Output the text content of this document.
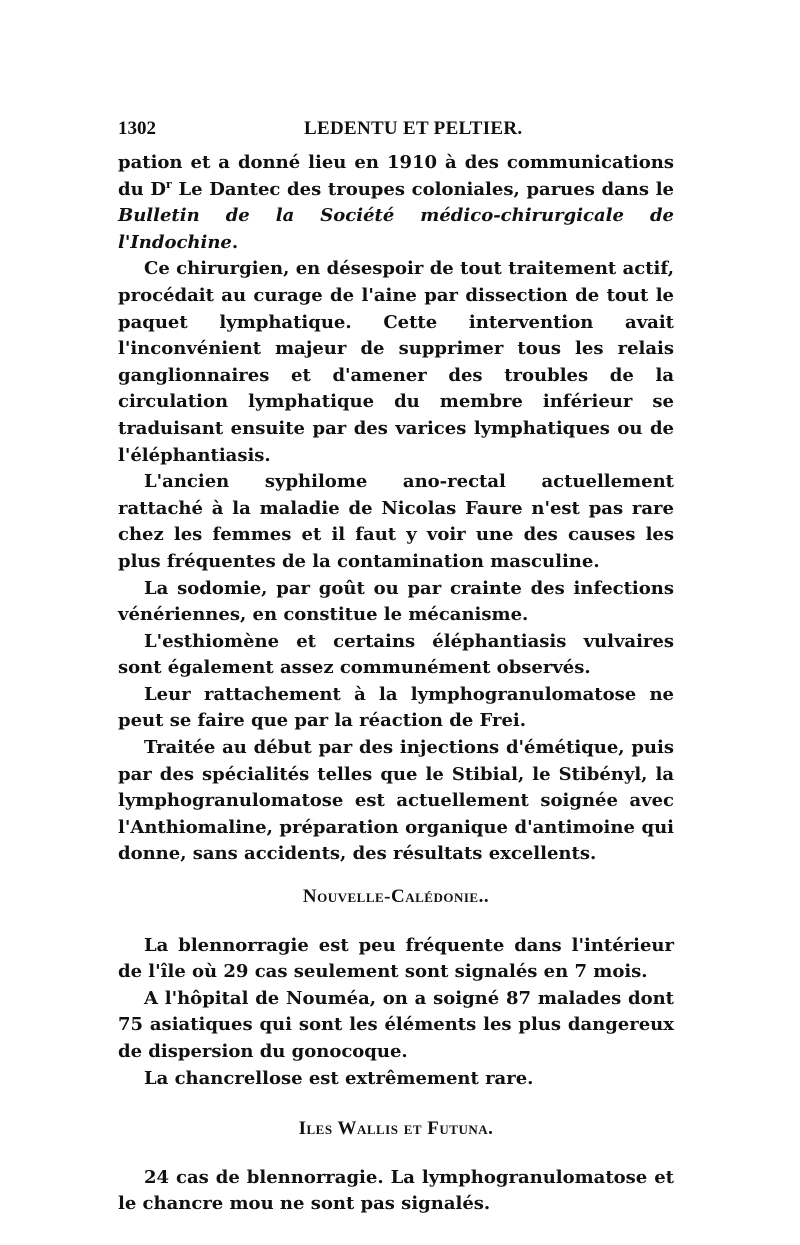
1302	LEDENTU ET PELTIER.

pation et a donné lieu en 1910 à des communications du $D^r$ Le Dantec des troupes coloniales, parues dans le Bulletin de la Société médico-chirurgicale de l'Indochine.

Ce chirurgien, en désespoir de tout traitement actif, procédait au curage de l'aine par dissection de tout le paquet lymphatique. Cette intervention avait l'inconvénient majeur de supprimer tous les relais ganglionnaires et d'amener des troubles de la circulation lymphatique du membre inférieur se traduisant ensuite par des varices lymphatiques ou de l'éléphantiasis.

L'ancien syphilome ano-rectal actuellement rattaché à la maladie de Nicolas Faure n'est pas rare chez les femmes et il faut y voir une des causes les plus fréquentes de la contamination masculine.

La sodomie, par goût ou par crainte des infections vénériennes, en constitue le mécanisme.

L'esthiomène et certains éléphantiasis vulvaires sont également assez communément observés.

Leur rattachement à la lymphogranulomatose ne peut se faire que par la réaction de Frei.

Traitée au début par des injections d'émétique, puis par des spécialités telles que le Stibial, le Stibényl, la lymphogranulomatose est actuellement soignée avec l'Anthiomaline, préparation organique d'antimoine qui donne, sans accidents, des résultats excellents.

Nouvelle-Calédonie..

La blennorragie est peu fréquente dans l'intérieur de l'île où 29 cas seulement sont signalés en 7 mois.

A l'hôpital de Nouméa, on a soigné 87 malades dont 75 asiatiques qui sont les éléments les plus dangereux de dispersion du gonocoque.

La chancrellose est extrêmement rare.

Iles Wallis et Futuna.

24 cas de blennorragie. La lymphogranulomatose et le chancre mou ne sont pas signalés.
